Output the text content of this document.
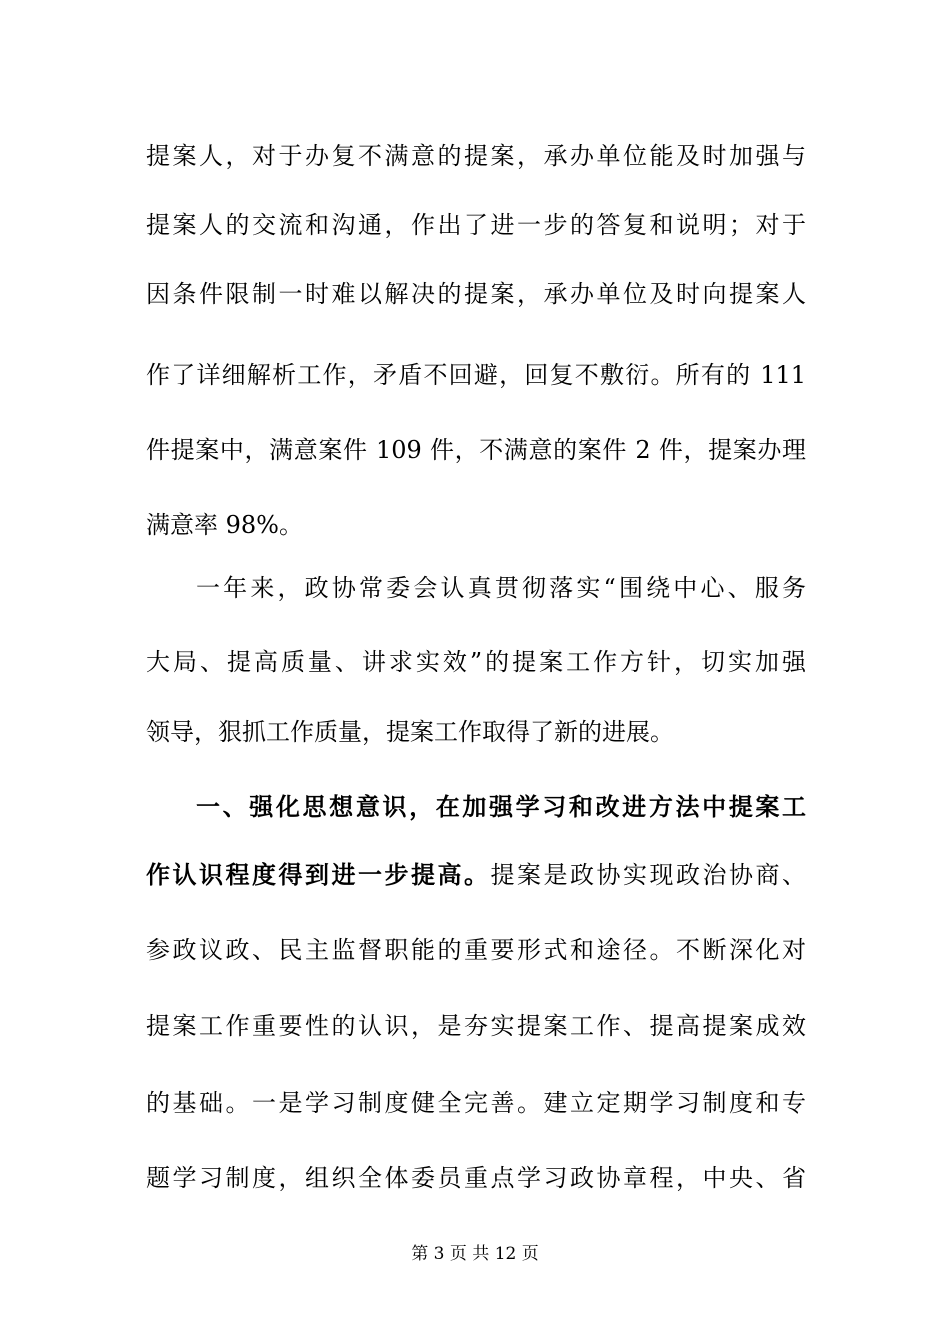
提案人，对于办复不满意的提案，承办单位能及时加强与
提案人的交流和沟通，作出了进一步的答复和说明；对于
因条件限制一时难以解决的提案，承办单位及时向提案人
作了详细解析工作，矛盾不回避，回复不敷衍。所有的 111
件提案中，满意案件 109 件，不满意的案件 2 件，提案办理
满意率 98%。
一年来，政协常委会认真贯彻落实“围绕中心、服务
大局、提高质量、讲求实效”的提案工作方针，切实加强
领导，狠抓工作质量，提案工作取得了新的进展。
一、强化思想意识，在加强学习和改进方法中提案工
作认识程度得到进一步提高。提案是政协实现政治协商、
参政议政、民主监督职能的重要形式和途径。不断深化对
提案工作重要性的认识，是夯实提案工作、提高提案成效
的基础。一是学习制度健全完善。建立定期学习制度和专
题学习制度，组织全体委员重点学习政协章程，中央、省
第 3 页 共 12 页
